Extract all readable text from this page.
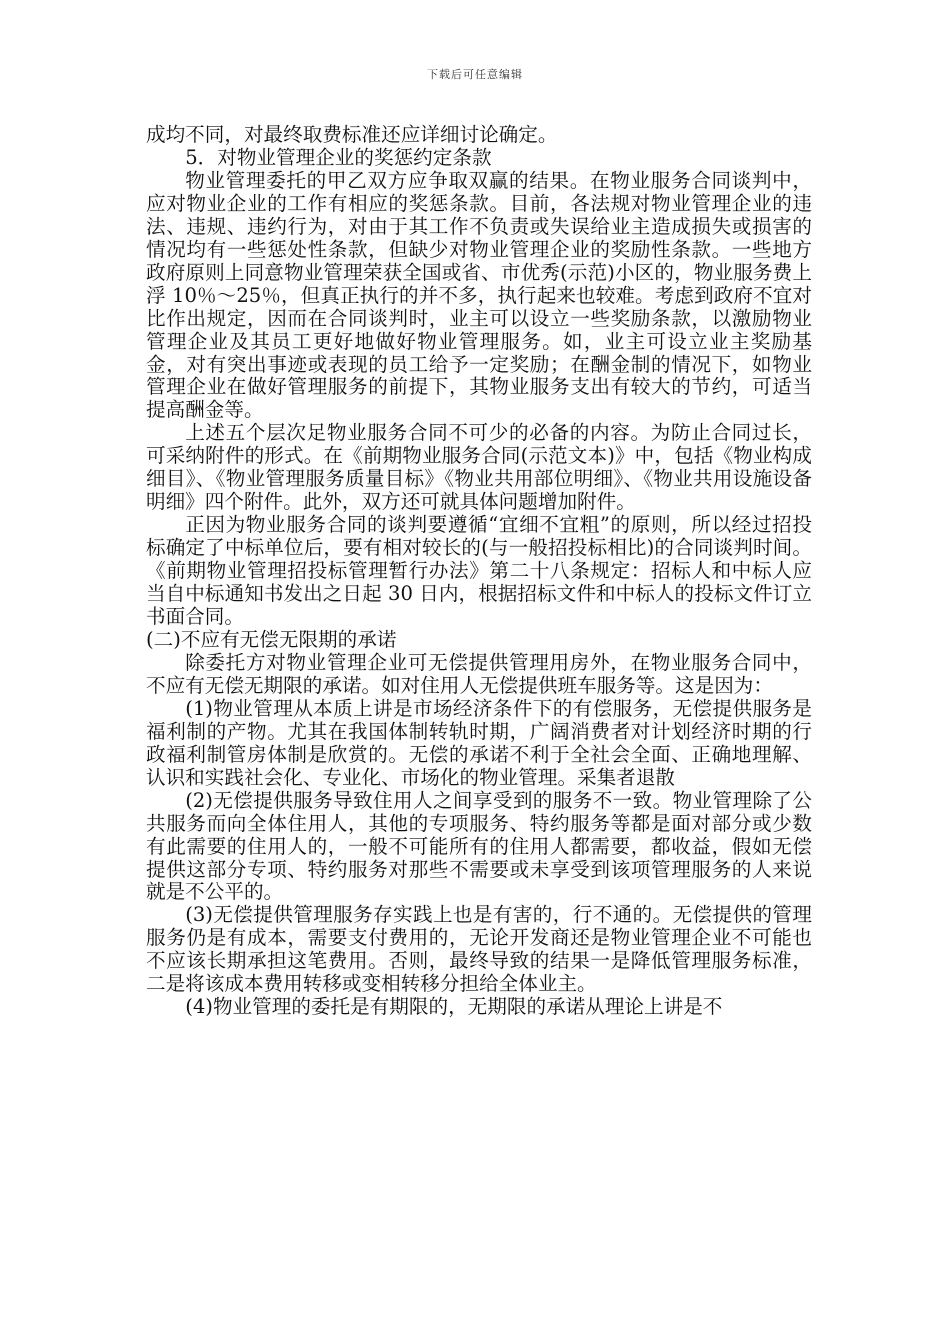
下载后可任意编辑

成均不同，对最终取费标准还应详细讨论确定。

5．对物业管理企业的奖惩约定条款

物业管理委托的甲乙双方应争取双赢的结果。在物业服务合同谈判中，应对物业企业的工作有相应的奖惩条款。目前，各法规对物业管理企业的违法、违规、违约行为，对由于其工作不负责或失误给业主造成损失或损害的情况均有一些惩处性条款，但缺少对物业管理企业的奖励性条款。一些地方政府原则上同意物业管理荣获全国或省、市优秀(示范)小区的，物业服务费上浮 10％～25％，但真正执行的并不多，执行起来也较难。考虑到政府不宜对比作出规定，因而在合同谈判时，业主可以设立一些奖励条款，以激励物业管理企业及其员工更好地做好物业管理服务。如，业主可设立业主奖励基金，对有突出事迹或表现的员工给予一定奖励；在酬金制的情况下，如物业管理企业在做好管理服务的前提下，其物业服务支出有较大的节约，可适当提高酬金等。

上述五个层次足物业服务合同不可少的必备的内容。为防止合同过长，可采纳附件的形式。在《前期物业服务合同(示范文本)》中，包括《物业构成细目》、《物业管理服务质量目标》《物业共用部位明细》、《物业共用设施设备明细》四个附件。此外，双方还可就具体问题增加附件。

正因为物业服务合同的谈判要遵循“宜细不宜粗”的原则，所以经过招投标确定了中标单位后，要有相对较长的(与一般招投标相比)的合同谈判时间。《前期物业管理招投标管理暂行办法》第二十八条规定：招标人和中标人应当自中标通知书发出之日起 30 日内，根据招标文件和中标人的投标文件订立书面合同。

(二)不应有无偿无限期的承诺

除委托方对物业管理企业可无偿提供管理用房外，在物业服务合同中，不应有无偿无期限的承诺。如对住用人无偿提供班车服务等。这是因为：

(1)物业管理从本质上讲是市场经济条件下的有偿服务，无偿提供服务是福利制的产物。尤其在我国体制转轨时期，广阔消费者对计划经济时期的行政福利制管房体制是欣赏的。无偿的承诺不利于全社会全面、正确地理解、认识和实践社会化、专业化、市场化的物业管理。采集者退散

(2)无偿提供服务导致住用人之间享受到的服务不一致。物业管理除了公共服务而向全体住用人，其他的专项服务、特约服务等都是面对部分或少数有此需要的住用人的，一般不可能所有的住用人都需要，都收益，假如无偿提供这部分专项、特约服务对那些不需要或未享受到该项管理服务的人来说就是不公平的。

(3)无偿提供管理服务存实践上也是有害的，行不通的。无偿提供的管理服务仍是有成本，需要支付费用的，无论开发商还是物业管理企业不可能也不应该长期承担这笔费用。否则，最终导致的结果一是降低管理服务标准，二是将该成本费用转移或变相转移分担给全体业主。

(4)物业管理的委托是有期限的，无期限的承诺从理论上讲是不
